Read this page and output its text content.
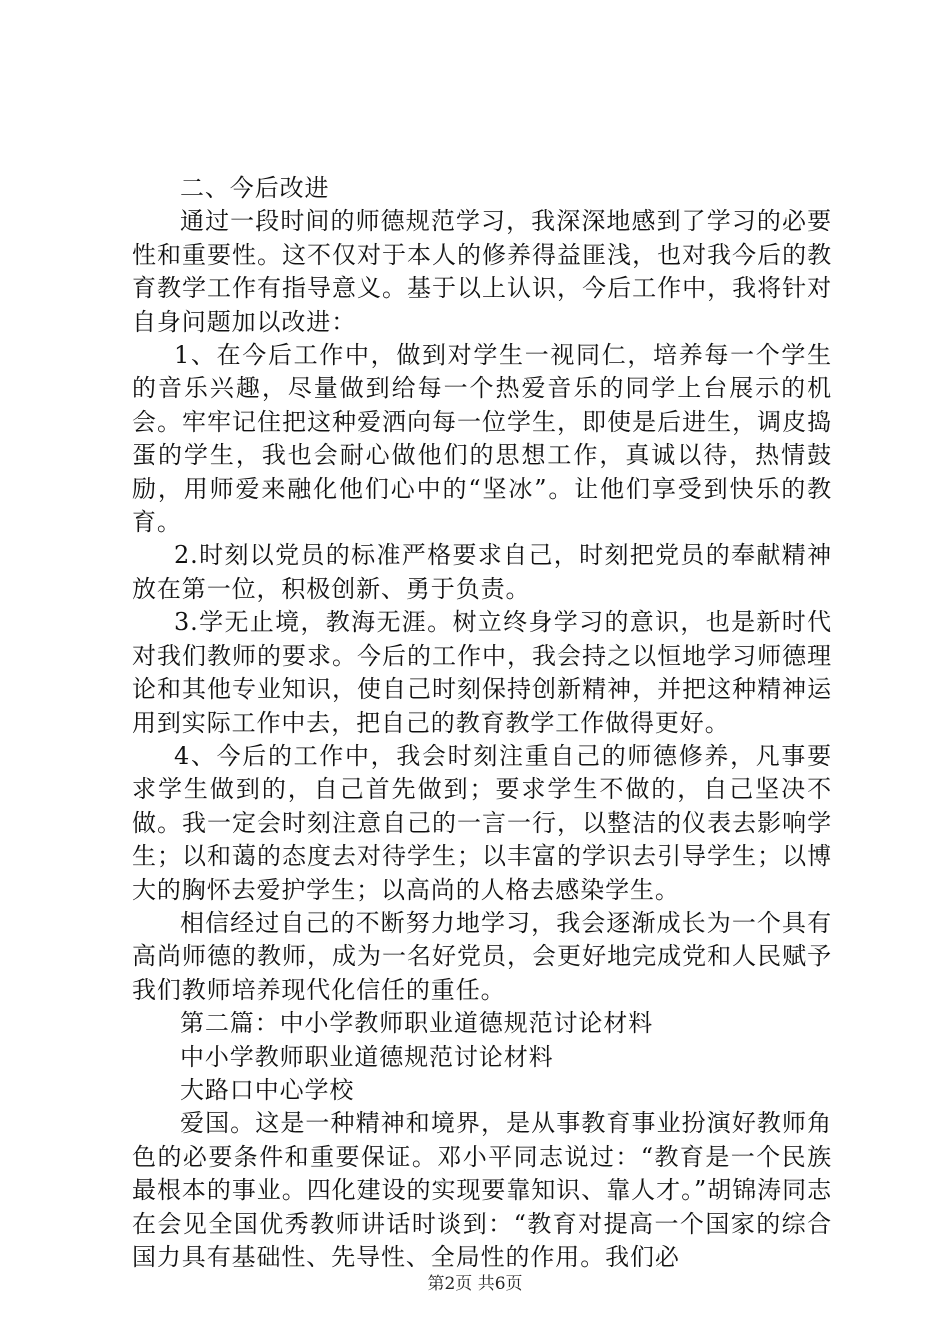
二、今后改进

通过一段时间的师德规范学习，我深深地感到了学习的必要性和重要性。这不仅对于本人的修养得益匪浅，也对我今后的教育教学工作有指导意义。基于以上认识，今后工作中，我将针对自身问题加以改进：

1、在今后工作中，做到对学生一视同仁，培养每一个学生的音乐兴趣，尽量做到给每一个热爱音乐的同学上台展示的机会。牢牢记住把这种爱洒向每一位学生，即使是后进生，调皮捣蛋的学生，我也会耐心做他们的思想工作，真诚以待，热情鼓励，用师爱来融化他们心中的“坚冰”。让他们享受到快乐的教育。

2.时刻以党员的标准严格要求自己，时刻把党员的奉献精神放在第一位，积极创新、勇于负责。

3.学无止境，教海无涯。树立终身学习的意识，也是新时代对我们教师的要求。今后的工作中，我会持之以恒地学习师德理论和其他专业知识，使自己时刻保持创新精神，并把这种精神运用到实际工作中去，把自己的教育教学工作做得更好。

4、今后的工作中，我会时刻注重自己的师德修养，凡事要求学生做到的，自己首先做到；要求学生不做的，自己坚决不做。我一定会时刻注意自己的一言一行，以整洁的仪表去影响学生；以和蔼的态度去对待学生；以丰富的学识去引导学生；以博大的胸怀去爱护学生；以高尚的人格去感染学生。

相信经过自己的不断努力地学习，我会逐渐成长为一个具有高尚师德的教师，成为一名好党员，会更好地完成党和人民赋予我们教师培养现代化信任的重任。

第二篇：中小学教师职业道德规范讨论材料

中小学教师职业道德规范讨论材料

大路口中心学校

爱国。这是一种精神和境界，是从事教育事业扮演好教师角色的必要条件和重要保证。邓小平同志说过：“教育是一个民族最根本的事业。四化建设的实现要靠知识、靠人才。”胡锦涛同志在会见全国优秀教师讲话时谈到：“教育对提高一个国家的综合国力具有基础性、先导性、全局性的作用。我们必

第2页 共6页
